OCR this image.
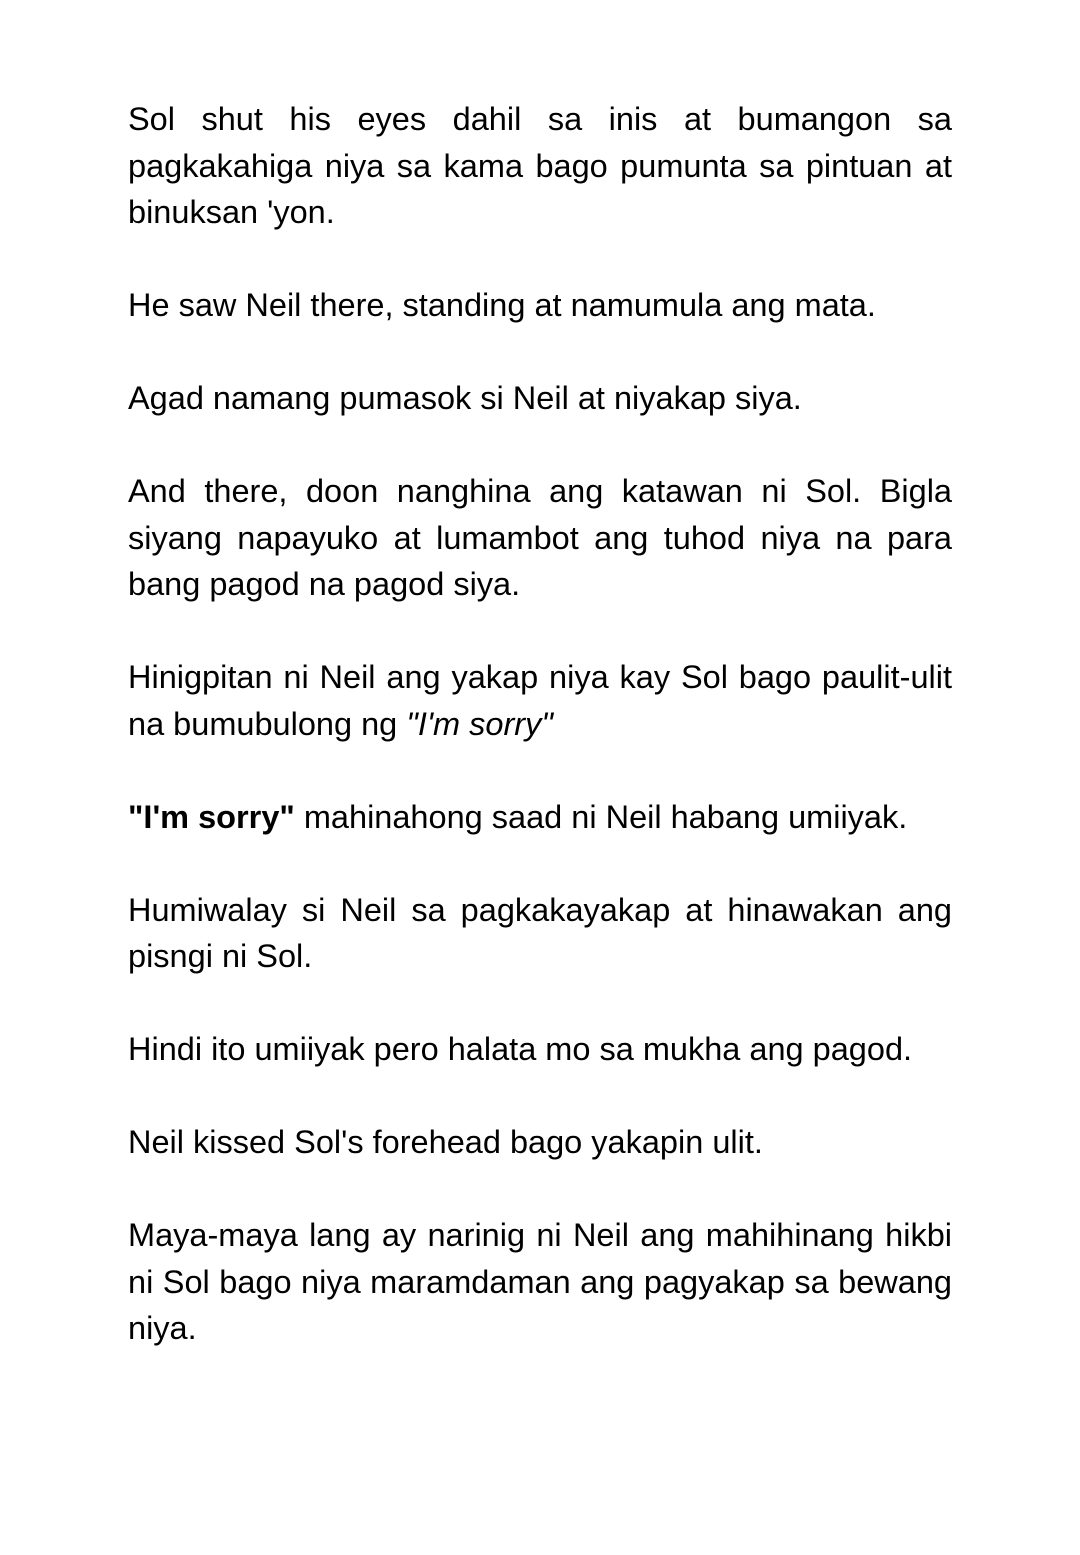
Sol shut his eyes dahil sa inis at bumangon sa pagkakahiga niya sa kama bago pumunta sa pintuan at binuksan 'yon.

He saw Neil there, standing at namumula ang mata.

Agad namang pumasok si Neil at niyakap siya.

And there, doon nanghina ang katawan ni Sol. Bigla siyang napayuko at lumambot ang tuhod niya na para bang pagod na pagod siya.

Hinigpitan ni Neil ang yakap niya kay Sol bago paulit-ulit na bumubulong ng "I'm sorry"

"I'm sorry" mahinahong saad ni Neil habang umiiyak.

Humiwalay si Neil sa pagkakayakap at hinawakan ang pisngi ni Sol.

Hindi ito umiiyak pero halata mo sa mukha ang pagod.

Neil kissed Sol's forehead bago yakapin ulit.

Maya-maya lang ay narinig ni Neil ang mahihinang hikbi ni Sol bago niya maramdaman ang pagyakap sa bewang niya.
